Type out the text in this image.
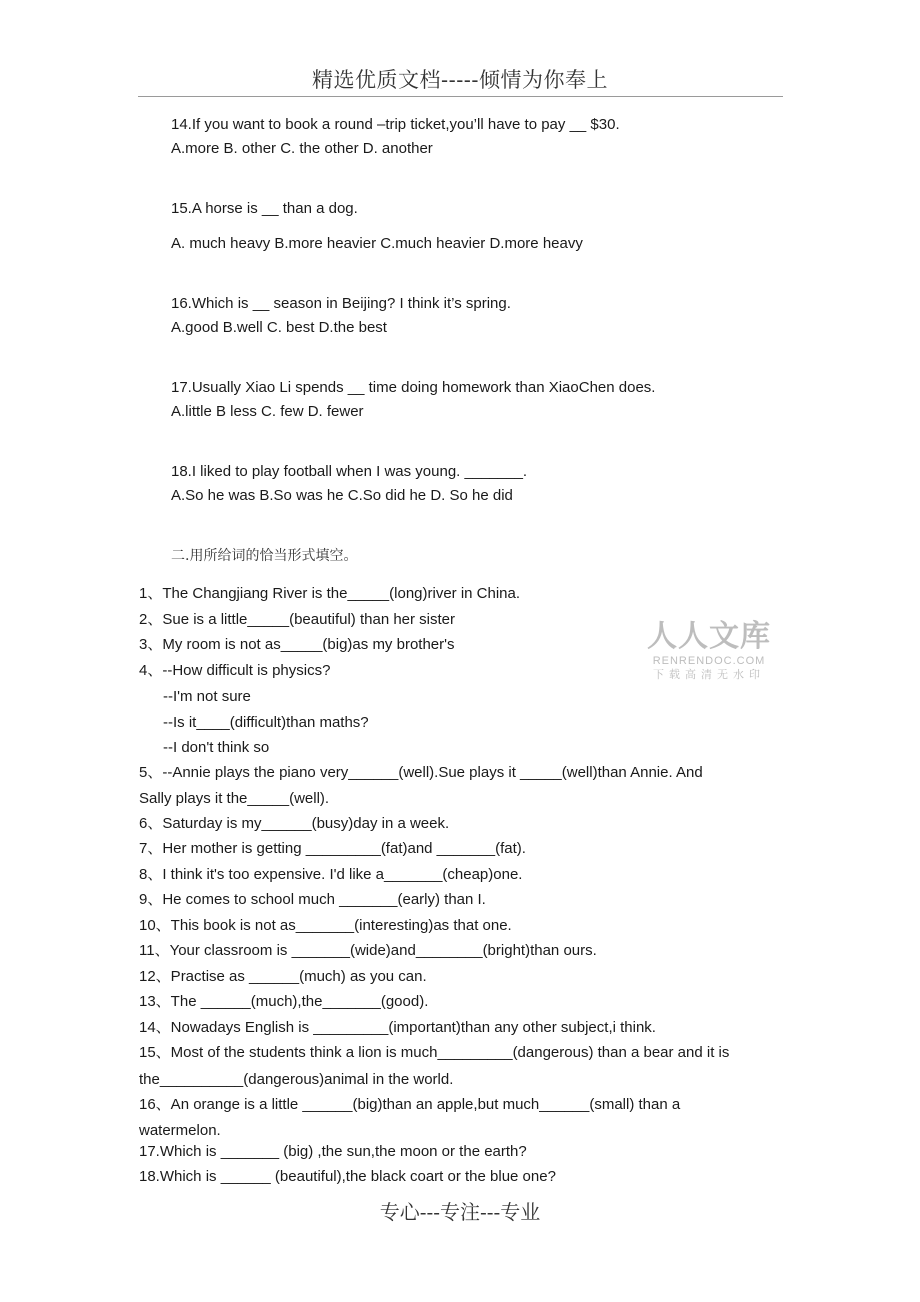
精选优质文档-----倾情为你奉上
14.If you want to book a round –trip ticket,you’ll have to pay __ $30.
A.more B. other C. the other D. another
15.A horse is __ than a dog.
A. much heavy B.more heavier C.much heavier D.more heavy
16.Which is __ season in Beijing? I think it’s spring.
A.good B.well C. best D.the best
17.Usually Xiao Li spends __ time doing homework than XiaoChen does.
A.little B less C. few D. fewer
18.I liked to play football when I was young. _______.
A.So he was B.So was he C.So did he D. So he did
二.用所给词的恰当形式填空。
1、The Changjiang River is the_____(long)river in China.
2、Sue is a little_____(beautiful) than her sister
3、My room is not as_____(big)as my brother's
4、--How difficult is physics?
--I'm not sure
--Is it____(difficult)than maths?
--I don't think so
5、--Annie plays the piano very______(well).Sue plays it _____(well)than Annie. And
Sally plays it the_____(well).
6、Saturday is my______(busy)day in a week.
7、Her mother is getting _________(fat)and _______(fat).
8、I think it's too expensive. I'd like a_______(cheap)one.
9、He comes to school much _______(early) than I.
10、This book is not as_______(interesting)as that one.
11、Your classroom is _______(wide)and________(bright)than ours.
12、Practise as ______(much) as you can.
13、The ______(much),the_______(good).
14、Nowadays English is _________(important)than any other subject,i think.
15、Most of the students think a lion is much_________(dangerous) than a bear and it is
the__________(dangerous)animal in the world.
16、An orange is a little ______(big)than an apple,but much______(small) than a
watermelon.
17.Which is _______ (big) ,the sun,the moon or the earth?
18.Which is ______ (beautiful),the black coart or the blue one?
人人文库
RENRENDOC.COM
下载高清无水印
专心---专注---专业
